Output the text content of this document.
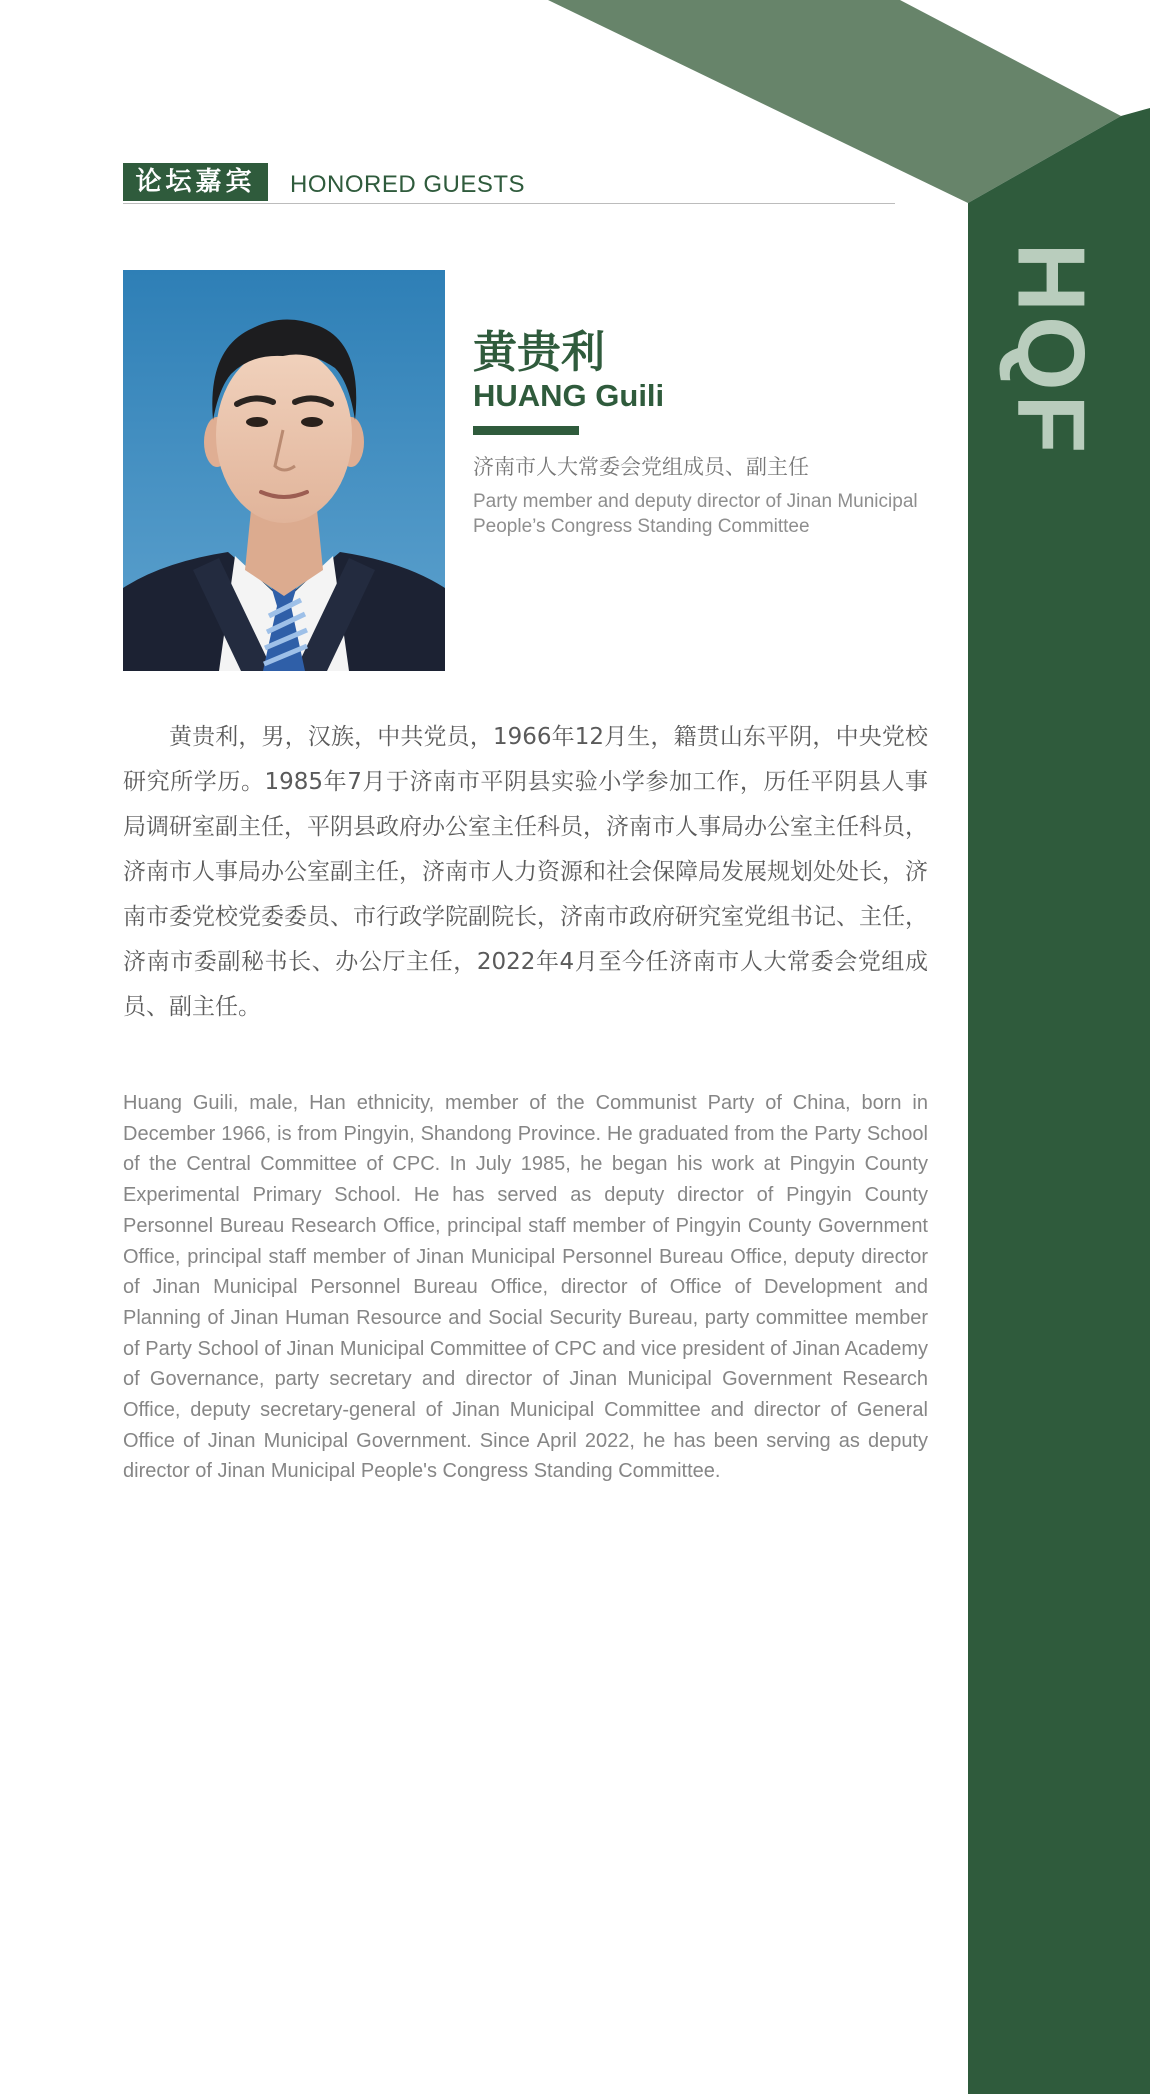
HQF
论坛嘉宾	HONORED GUESTS
黄贵利
HUANG Guili
济南市人大常委会党组成员、副主任
Party member and deputy director of Jinan Municipal People’s Congress Standing Committee

黄贵利，男，汉族，中共党员，1966年12月生，籍贯山东平阴，中央党校研究所学历。1985年7月于济南市平阴县实验小学参加工作，历任平阴县人事局调研室副主任，平阴县政府办公室主任科员，济南市人事局办公室主任科员，济南市人事局办公室副主任，济南市人力资源和社会保障局发展规划处处长，济南市委党校党委委员、市行政学院副院长，济南市政府研究室党组书记、主任，济南市委副秘书长、办公厅主任，2022年4月至今任济南市人大常委会党组成员、副主任。

Huang Guili, male, Han ethnicity, member of the Communist Party of China, born in December 1966, is from Pingyin, Shandong Province. He graduated from the Party School of the Central Committee of CPC. In July 1985, he began his work at Pingyin County Experimental Primary School. He has served as deputy director of Pingyin County Personnel Bureau Research Office, principal staff member of Pingyin County Government Office, principal staff member of Jinan Municipal Personnel Bureau Office, deputy director of Jinan Municipal Personnel Bureau Office, director of Office of Development and Planning of Jinan Human Resource and Social Security Bureau, party committee member of Party School of Jinan Municipal Committee of CPC and vice president of Jinan Academy of Governance, party secretary and director of Jinan Municipal Government Research Office, deputy secretary-general of Jinan Municipal Committee and director of General Office of Jinan Municipal Government. Since April 2022, he has been serving as deputy director of Jinan Municipal People's Congress Standing Committee.
